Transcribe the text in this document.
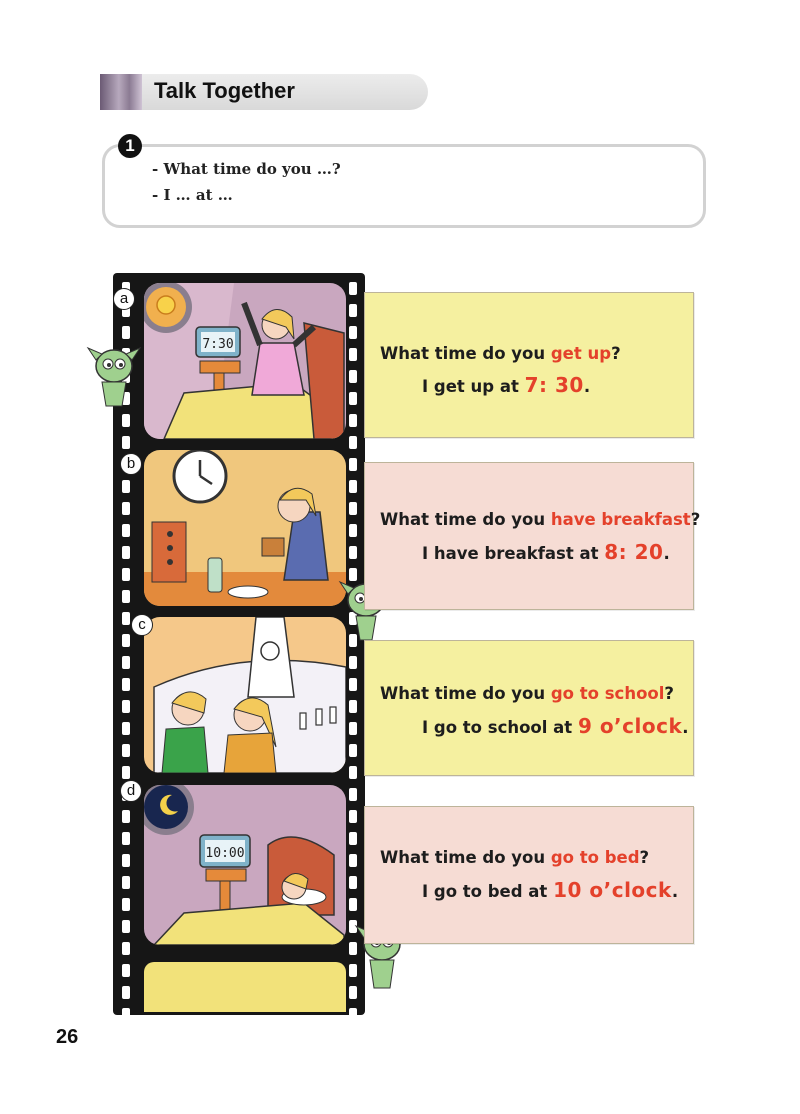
Talk Together
1
- What time do you …?
- I … at …
7:30
a
b
c
10:00
d
What time do you get up?
I get up at 7: 30.
What time do you have breakfast?
I have breakfast at 8: 20.
What time do you go to school?
I go to school at 9 o’clock.
What time do you go to bed?
I go to bed at 10 o’clock.
26
